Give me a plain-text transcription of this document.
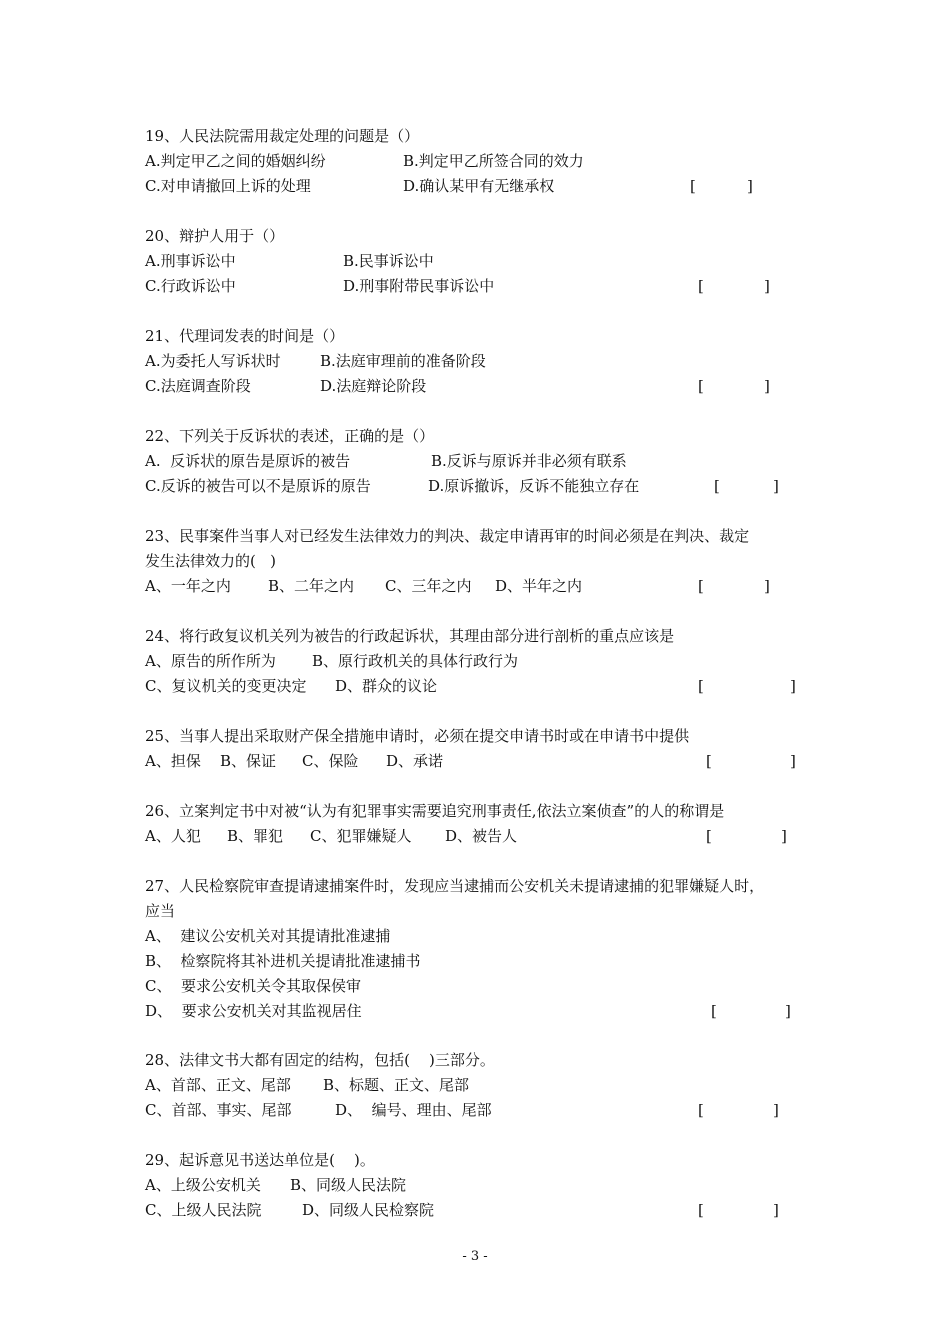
19、人民法院需用裁定处理的问题是（）
A.判定甲乙之间的婚姻纠纷	B.判定甲乙所签合同的效力
C.对申请撤回上诉的处理	D.确认某甲有无继承权	[	]
20、辩护人用于（）
A.刑事诉讼中	B.民事诉讼中
C.行政诉讼中	D.刑事附带民事诉讼中	[	]
21、代理词发表的时间是（）
A.为委托人写诉状时	B.法庭审理前的准备阶段
C.法庭调查阶段	D.法庭辩论阶段	[	]
22、下列关于反诉状的表述，正确的是（）
A.  反诉状的原告是原诉的被告	B.反诉与原诉并非必须有联系
C.反诉的被告可以不是原诉的原告	D.原诉撤诉，反诉不能独立存在	[	]
23、民事案件当事人对已经发生法律效力的判决、裁定申请再审的时间必须是在判决、裁定
发生法律效力的(   )
A、一年之内 B、二年之内 C、三年之内 D、半年之内	[	]
24、将行政复议机关列为被告的行政起诉状，其理由部分进行剖析的重点应该是
A、原告的所作所为 B、原行政机关的具体行政行为
C、复议机关的变更决定 D、群众的议论	[	]
25、当事人提出采取财产保全措施申请时，必须在提交申请书时或在申请书中提供
A、担保 B、保证 C、保险 D、承诺	[	]
26、立案判定书中对被“认为有犯罪事实需要追究刑事责任,依法立案侦查”的人的称谓是
A、人犯 B、罪犯 C、犯罪嫌疑人 D、被告人	[	]
27、人民检察院审查提请逮捕案件时，发现应当逮捕而公安机关未提请逮捕的犯罪嫌疑人时，
应当
A、  建议公安机关对其提请批准逮捕
B、  检察院将其补进机关提请批准逮捕书
C、  要求公安机关令其取保侯审
D、  要求公安机关对其监视居住	[	]
28、法律文书大都有固定的结构，包括(    )三部分。
A、首部、正文、尾部 B、标题、正文、尾部
C、首部、事实、尾部	D、  编号、理由、尾部	[	]
29、起诉意见书送达单位是(    )。
A、上级公安机关 B、同级人民法院
C、上级人民法院	D、同级人民检察院	[	]
- 3 -
